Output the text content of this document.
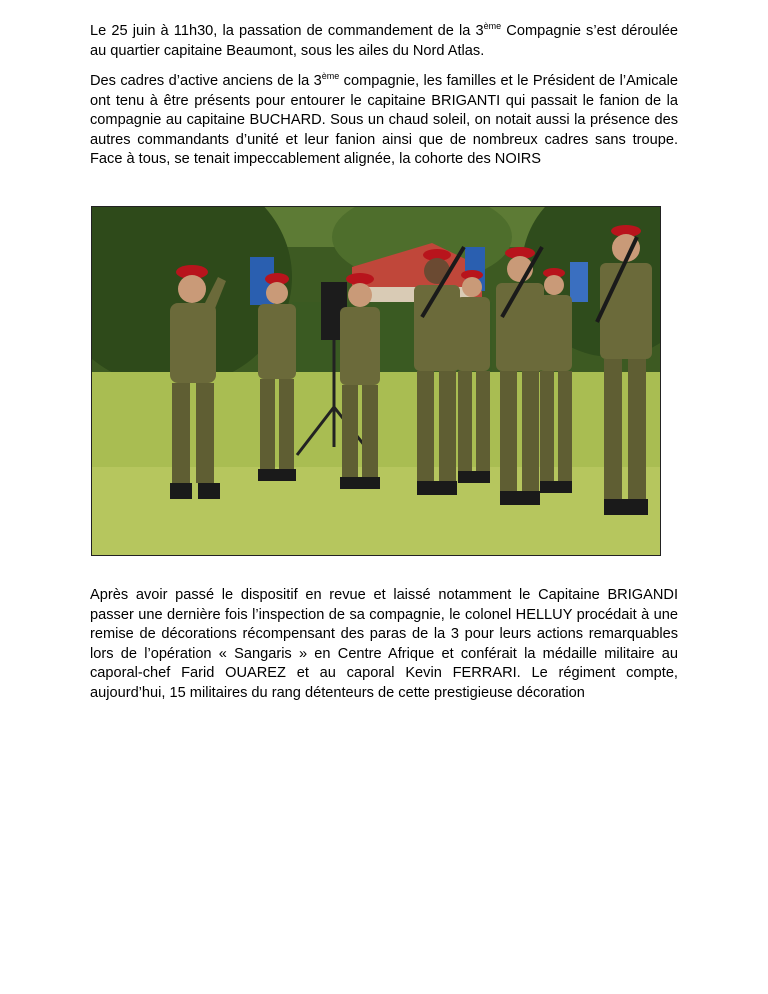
Le 25 juin à 11h30, la passation de commandement de la 3ème Compagnie s’est déroulée au quartier capitaine Beaumont, sous les ailes du Nord Atlas.

Des cadres d’active anciens de la 3ème compagnie, les familles et le Président de l’Amicale ont tenu à être présents pour entourer le capitaine BRIGANTI qui passait le fanion de la compagnie au capitaine BUCHARD. Sous un chaud soleil, on notait aussi la présence des autres commandants d’unité et leur fanion ainsi que de nombreux cadres sans troupe. Face à tous, se tenait impeccablement alignée, la cohorte des NOIRS

Après avoir passé le dispositif en revue et laissé notamment le Capitaine BRIGANDI passer une dernière fois l’inspection de sa compagnie, le colonel HELLUY procédait à une remise de décorations récompensant des paras de la 3 pour leurs actions remarquables lors de l’opération « Sangaris » en Centre Afrique et conférait la médaille militaire au caporal-chef Farid OUAREZ et au caporal Kevin FERRARI. Le régiment compte, aujourd’hui, 15 militaires du rang détenteurs de cette prestigieuse décoration
